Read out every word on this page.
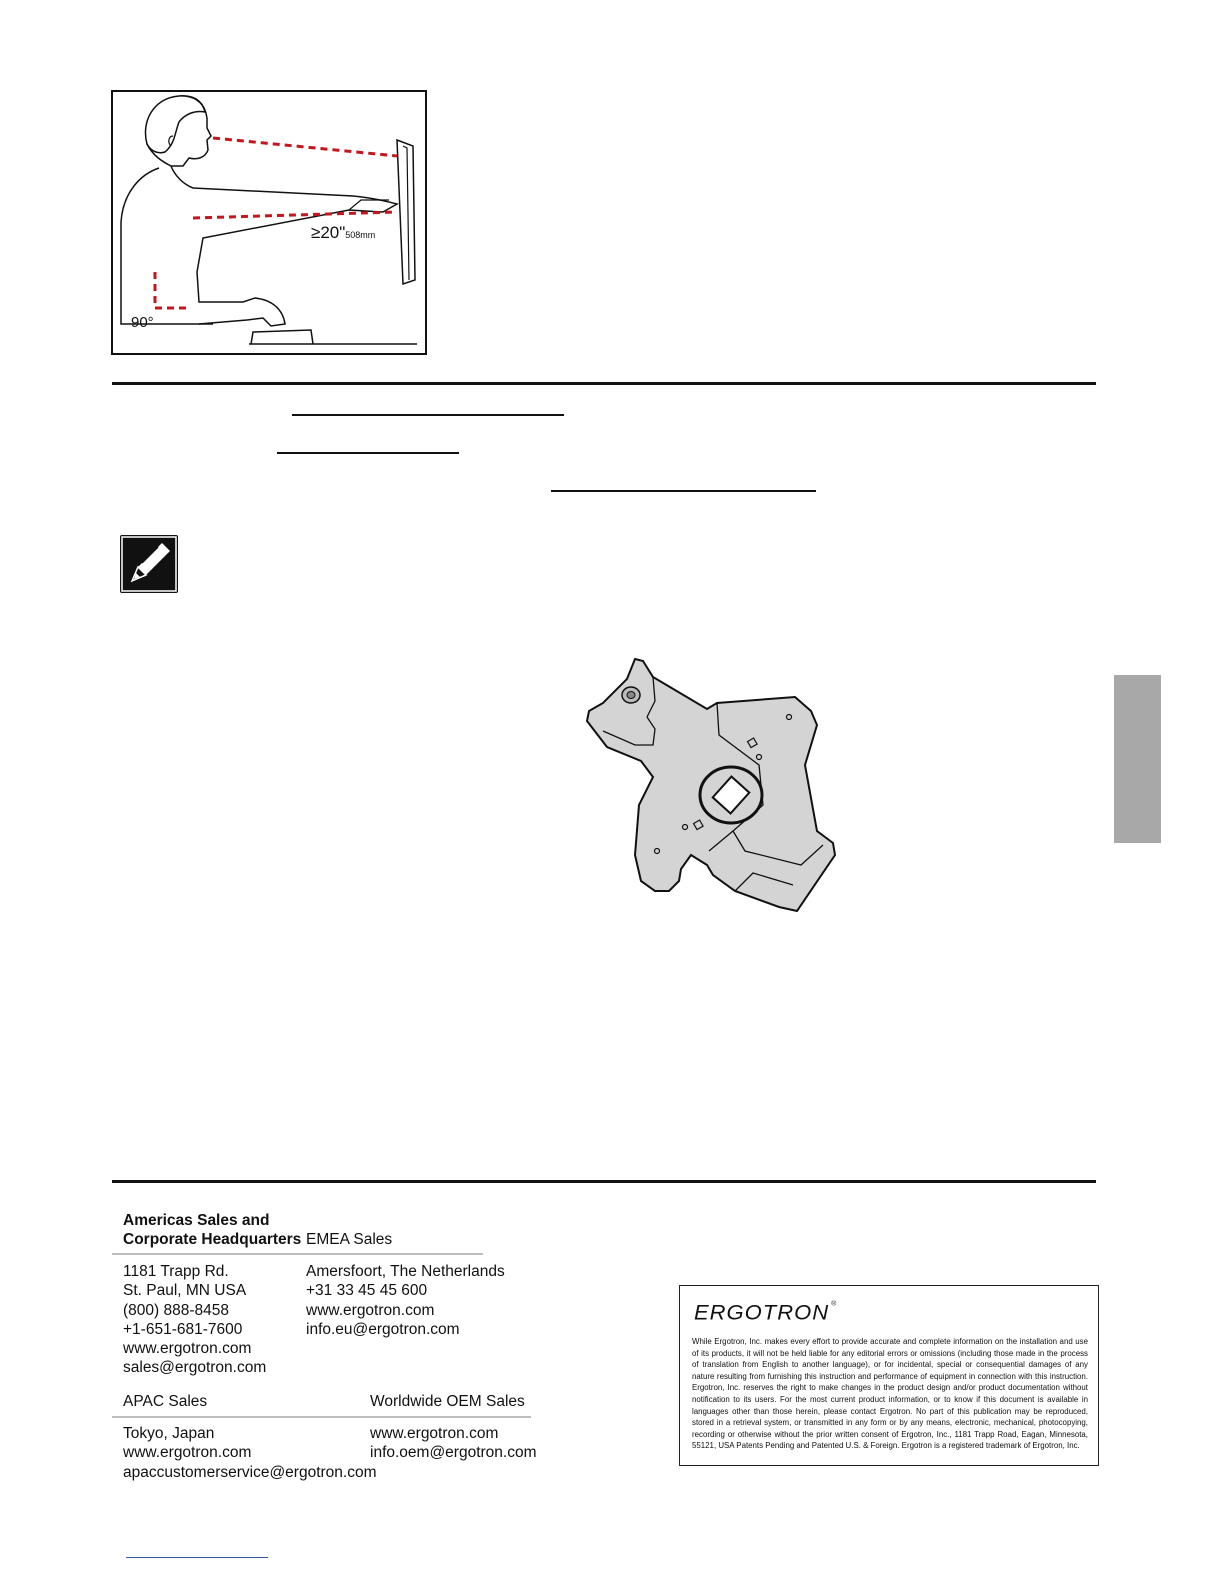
≥20"508mm
90°
Americas Sales and
Corporate Headquarters EMEA Sales
1181 Trapp Rd.
St. Paul, MN USA
(800) 888-8458
+1-651-681-7600
www.ergotron.com
sales@ergotron.com
Amersfoort, The Netherlands
+31 33 45 45 600
www.ergotron.com
info.eu@ergotron.com
APAC Sales	Worldwide OEM Sales
Tokyo, Japan
www.ergotron.com
apaccustomerservice@ergotron.com
www.ergotron.com
info.oem@ergotron.com
ERGOTRON ®
While Ergotron, Inc. makes every effort to provide accurate and complete information on the installation and use of its products, it will not be held liable for any editorial errors or omissions (including those made in the process of translation from English to another language), or for incidental, special or consequential damages of any nature resulting from furnishing this instruction and performance of equipment in connection with this instruction. Ergotron, Inc. reserves the right to make changes in the product design and/or product documentation without notification to its users. For the most current product information, or to know if this document is available in languages other than those herein, please contact Ergotron. No part of this publication may be reproduced, stored in a retrieval system, or transmitted in any form or by any means, electronic, mechanical, photocopying, recording or otherwise without the prior written consent of Ergotron, Inc., 1181 Trapp Road, Eagan, Minnesota, 55121, USA Patents Pending and Patented U.S. & Foreign. Ergotron is a registered trademark of Ergotron, Inc.
